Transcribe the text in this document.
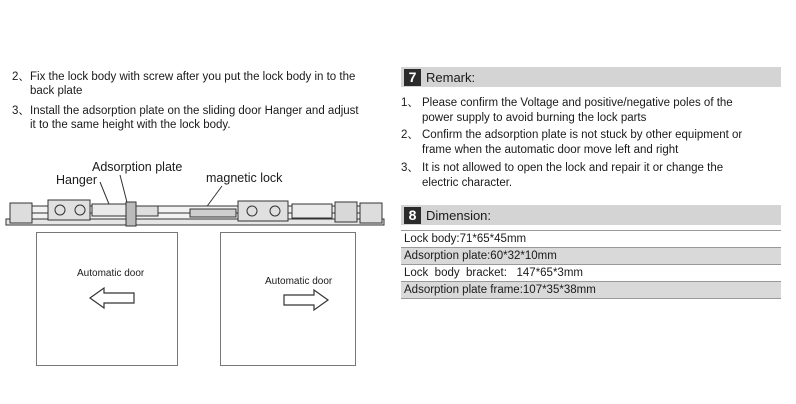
2、 Fix the lock body with screw after you put the lock body in to the
back plate
3、 Install the adsorption plate on the sliding door Hanger and adjust
it to the same height with the lock body.
Adsorption plate
Hanger	magnetic lock
Automatic door
Automatic door
7 Remark:
1、 Please confirm the Voltage and positive/negative poles of the
power supply to avoid burning the lock parts
2、 Confirm the adsorption plate is not stuck by other equipment or
frame when the automatic door move left and right
3、 It is not allowed to open the lock and repair it or change the
electric character.
8 Dimension:
Lock body:71*65*45mm
Adsorption plate:60*32*10mm
Lock  body  bracket:   147*65*3mm
Adsorption plate frame:107*35*38mm
